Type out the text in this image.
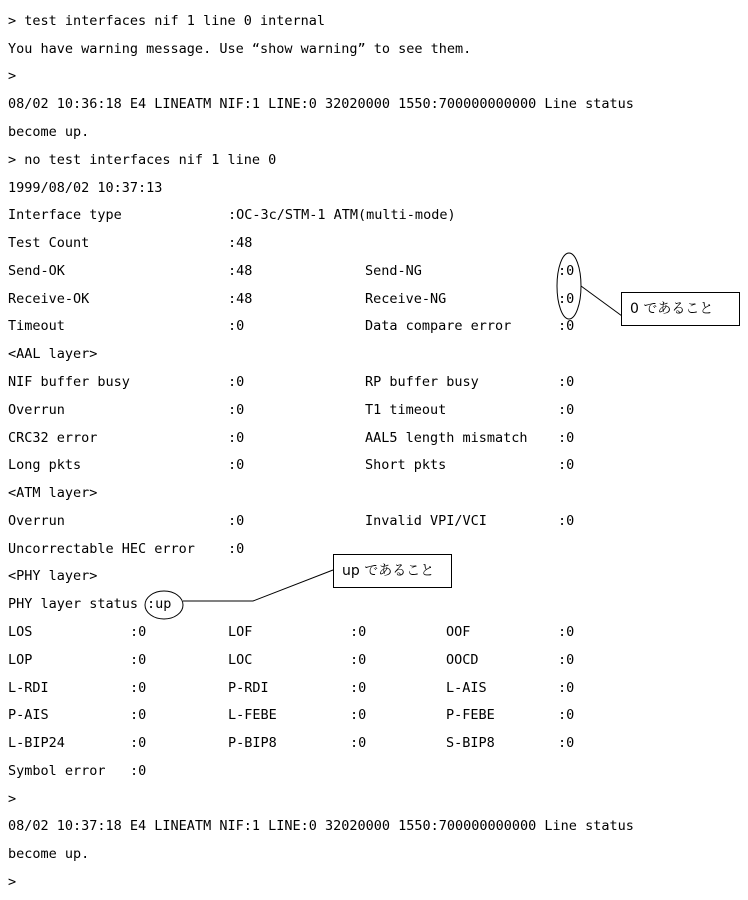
> test interfaces nif 1 line 0 internal
You have warning message. Use “show warning” to see them.
>
08/02 10:36:18 E4 LINEATM NIF:1 LINE:0 32020000 1550:700000000000 Line status
become up.
> no test interfaces nif 1 line 0
1999/08/02 10:37:13
Interface type	:OC-3c/STM-1 ATM(multi-mode)
Test Count	:48
Send-OK	:48	Send-NG	:0
Receive-OK	:48	Receive-NG	:0
Timeout	:0	Data compare error	:0
<AAL layer>
NIF buffer busy	:0	RP buffer busy	:0
Overrun	:0	T1 timeout	:0
CRC32 error	:0	AAL5 length mismatch :0
Long pkts	:0	Short pkts	:0
<ATM layer>
Overrun	:0	Invalid VPI/VCI	:0
Uncorrectable HEC error :0
<PHY layer>
PHY layer status :up
LOS	:0	LOF	:0	OOF	:0
LOP	:0	LOC	:0	OOCD	:0
L-RDI	:0	P-RDI	:0	L-AIS	:0
P-AIS	:0	L-FEBE	:0	P-FEBE	:0
L-BIP24	:0	P-BIP8	:0	S-BIP8	:0
Symbol error :0
>
08/02 10:37:18 E4 LINEATM NIF:1 LINE:0 32020000 1550:700000000000 Line status
become up.
>
0 であること
up であること
